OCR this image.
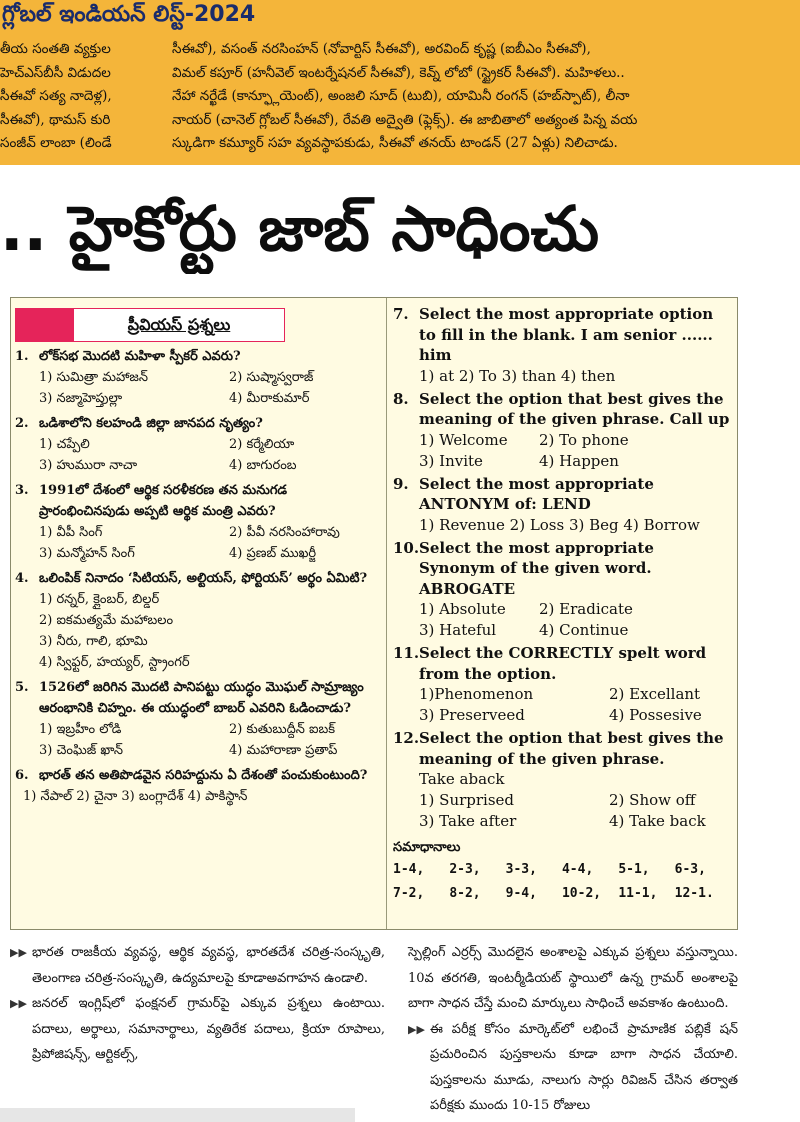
గ్లోబల్ ఇండియన్ లిస్ట్-2024
తీయ సంతతి వ్యక్తుల
హెచ్‌ఎస్‌బీసీ విడుదల
సీఈవో సత్య నాదెళ్ల),
సీఈవో), థామస్ కురి
సంజీవ్ లాంబా (లిండే
సీఈవో), వసంత్ నరసింహన్ (నోవార్టిస్ సీఈవో), అరవింద్ కృష్ణ (ఐబీఎం సీఈవో),
విమల్ కపూర్ (హనీవెల్ ఇంటర్నేషనల్ సీఈవో), కెవ్న్ లోబో (స్ట్రైకర్ సీఈవో). మహిళలు..
నేహా నర్ఖేడే (కాన్ఫ్లూయెంట్), అంజలి సూద్ (టుబి), యామినీ రంగన్ (హబ్‌స్పాట్), లీనా
నాయర్ (చానెల్ గ్లోబల్ సీఈవో), రేవతి అద్వైతి (ఫ్లెక్స్). ఈ జాబితాలో అత్యంత పిన్న వయ
స్కుడిగా కమ్యూర్ సహ వ్యవస్థాపకుడు, సీఈవో తనయ్ టాండన్ (27 ఏళ్లు) నిలిచాడు.
.. హైకోర్టు జాబ్ సాధించు
ప్రీవియస్ ప్రశ్నలు
1. లోక్‌సభ మొదటి మహిళా స్పీకర్ ఎవరు?
1) సుమిత్రా మహాజన్	2) సుష్మాస్వరాజ్
3) నజ్మాహెప్తుల్లా	4) మీరాకుమార్
2. ఒడిశాలోని కలహండి జిల్లా జానపద నృత్యం?
1) చప్పేలి	2) కర్మేలియా
3) హుమురా నాచా	4) బాగురంబ
3. 1991లో దేశంలో ఆర్థిక సరళీకరణ తన మనుగడ ప్రారంభించినపుడు అప్పటి ఆర్థిక మంత్రి ఎవరు?
1) వీపీ సింగ్	2) పీవీ నరసింహారావు
3) మన్మోహన్ సింగ్	4) ప్రణబ్ ముఖర్జీ
4. ఒలింపిక్ నినాదం ‘సిటియస్, అల్టియస్, ఫోర్టియస్’ అర్థం ఏమిటి?
1) రన్నర్, క్లైంబర్, బిల్డర్
2) ఐకమత్యమే మహాబలం
3) నీరు, గాలి, భూమి
4) స్విఫ్టర్, హయ్యర్, స్ట్రాంగర్
5. 1526లో జరిగిన మొదటి పానిపట్టు యుద్ధం మొఘల్ సామ్రాజ్యం ఆరంభానికి చిహ్నం. ఈ యుద్ధంలో బాబర్ ఎవరిని ఓడించాడు?
1) ఇబ్రహీం లోడి	2) కుతుబుద్దీన్ ఐబక్
3) చెంఘిజ్ ఖాన్	4) మహారాణా ప్రతాప్
6. భారత్ తన అతిపొడవైన సరిహద్దును ఏ దేశంతో పంచుకుంటుంది?
1) నేపాల్ 2) చైనా 3) బంగ్లాదేశ్ 4) పాకిస్థాన్
7. Select the most appropriate option to fill in the blank. I am senior ...... him
1) at 2) To 3) than 4) then
8. Select the option that best gives the meaning of the given phrase. Call up
1) Welcome	2) To phone
3) Invite	4) Happen
9. Select the most appropriate ANTONYM of: LEND
1) Revenue 2) Loss 3) Beg 4) Borrow
10. Select the most appropriate Synonym of the given word. ABROGATE
1) Absolute	2) Eradicate
3) Hateful	4) Continue
11. Select the CORRECTLY spelt word from the option.
1)Phenomenon	2) Excellant
3) Preserveed	4) Possesive
12. Select the option that best gives the meaning of the given phrase.
Take aback
1) Surprised	2) Show off
3) Take after	4) Take back
సమాధానాలు
1-4,	2-3,	3-3,	4-4,	5-1,	6-3,
7-2,	8-2,	9-4,	10-2,	11-1,	12-1.
▶▶ భారత రాజకీయ వ్యవస్థ, ఆర్థిక వ్యవస్థ, భారతదేశ చరిత్ర-సంస్కృతి, తెలంగాణ చరిత్ర-సంస్కృతి, ఉద్యమాలపై కూడాఅవగాహన ఉండాలి.
▶▶ జనరల్ ఇంగ్లిష్‌లో ఫంక్షనల్ గ్రామర్‌పై ఎక్కువ ప్రశ్నలు ఉంటాయి. పదాలు, అర్థాలు, సమానార్థాలు, వ్యతిరేక పదాలు, క్రియా రూపాలు, ప్రిపోజిషన్స్, ఆర్టికల్స్,
స్పెల్లింగ్ ఎర్రర్స్ మొదలైన అంశాలపై ఎక్కువ ప్రశ్నలు వస్తున్నాయి. 10వ తరగతి, ఇంటర్మీడియట్ స్థాయిలో ఉన్న గ్రామర్ అంశాలపై బాగా సాధన చేస్తే మంచి మార్కులు సాధించే అవకాశం ఉంటుంది.
▶▶ ఈ పరీక్ష కోసం మార్కెట్‌లో లభించే ప్రామాణిక పబ్లికే షన్ ప్రచురించిన పుస్తకాలను కూడా బాగా సాధన చేయాలి. పుస్తకాలను మూడు, నాలుగు సార్లు రివిజన్ చేసిన తర్వాత పరీక్షకు ముందు 10-15 రోజులు
